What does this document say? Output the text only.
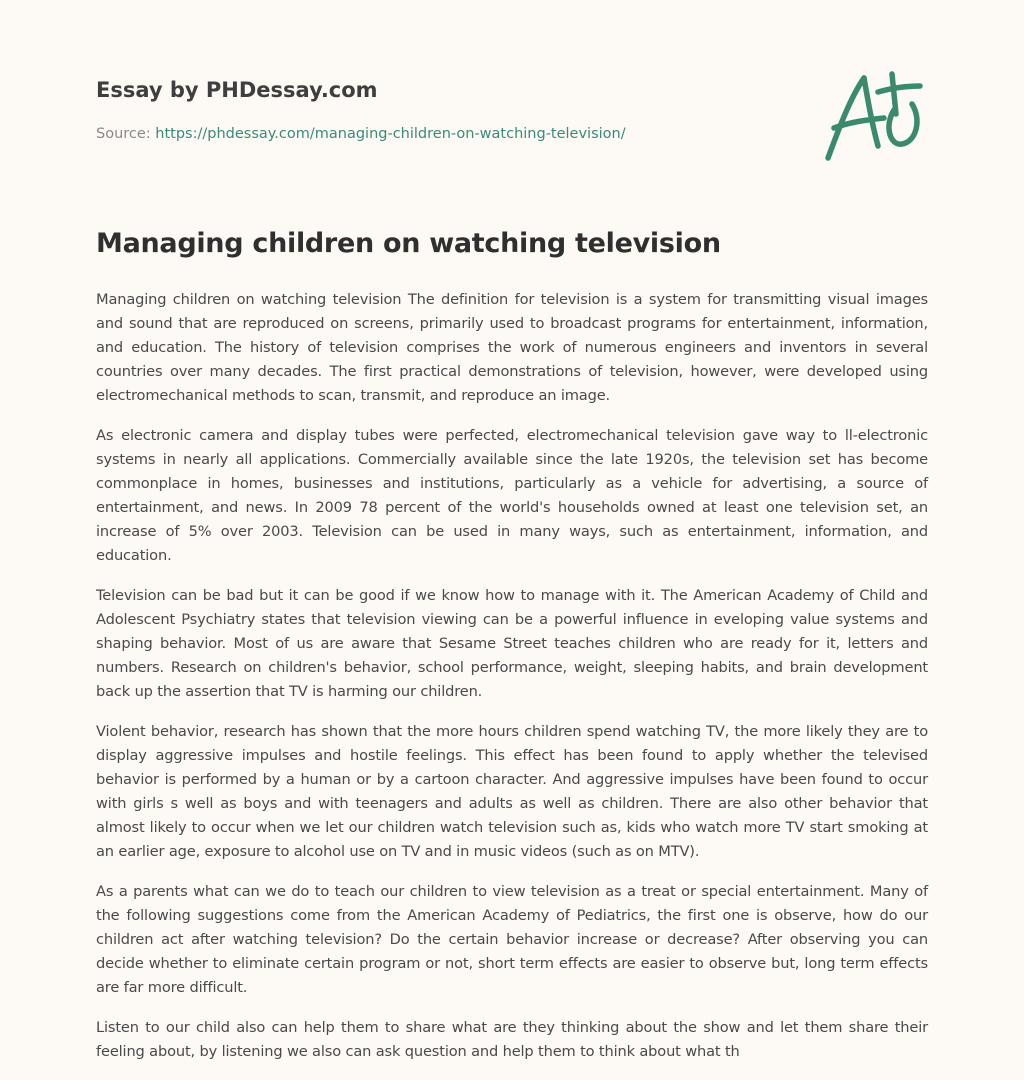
Essay by PHDessay.com
Source: https://phdessay.com/managing-children-on-watching-television/
Managing children on watching television

Managing children on watching television The definition for television is a system for transmitting visual images and sound that are reproduced on screens, primarily used to broadcast programs for entertainment, information, and education. The history of television comprises the work of numerous engineers and inventors in several countries over many decades. The first practical demonstrations of television, however, were developed using electromechanical methods to scan, transmit, and reproduce an image.

As electronic camera and display tubes were perfected, electromechanical television gave way to ll-electronic systems in nearly all applications. Commercially available since the late 1920s, the television set has become commonplace in homes, businesses and institutions, particularly as a vehicle for advertising, a source of entertainment, and news. In 2009 78 percent of the world's households owned at least one television set, an increase of 5% over 2003. Television can be used in many ways, such as entertainment, information, and education.

Television can be bad but it can be good if we know how to manage with it. The American Academy of Child and Adolescent Psychiatry states that television viewing can be a powerful influence in eveloping value systems and shaping behavior. Most of us are aware that Sesame Street teaches children who are ready for it, letters and numbers. Research on children's behavior, school performance, weight, sleeping habits, and brain development back up the assertion that TV is harming our children.

Violent behavior, research has shown that the more hours children spend watching TV, the more likely they are to display aggressive impulses and hostile feelings. This effect has been found to apply whether the televised behavior is performed by a human or by a cartoon character. And aggressive impulses have been found to occur with girls s well as boys and with teenagers and adults as well as children. There are also other behavior that almost likely to occur when we let our children watch television such as, kids who watch more TV start smoking at an earlier age, exposure to alcohol use on TV and in music videos (such as on MTV).

As a parents what can we do to teach our children to view television as a treat or special entertainment. Many of the following suggestions come from the American Academy of Pediatrics, the first one is observe, how do our children act after watching television? Do the certain behavior increase or decrease? After observing you can decide whether to eliminate certain program or not, short term effects are easier to observe but, long term effects are far more difficult.

Listen to our child also can help them to share what are they thinking about the show and let them share their feeling about, by listening we also can ask question and help them to think about what th
